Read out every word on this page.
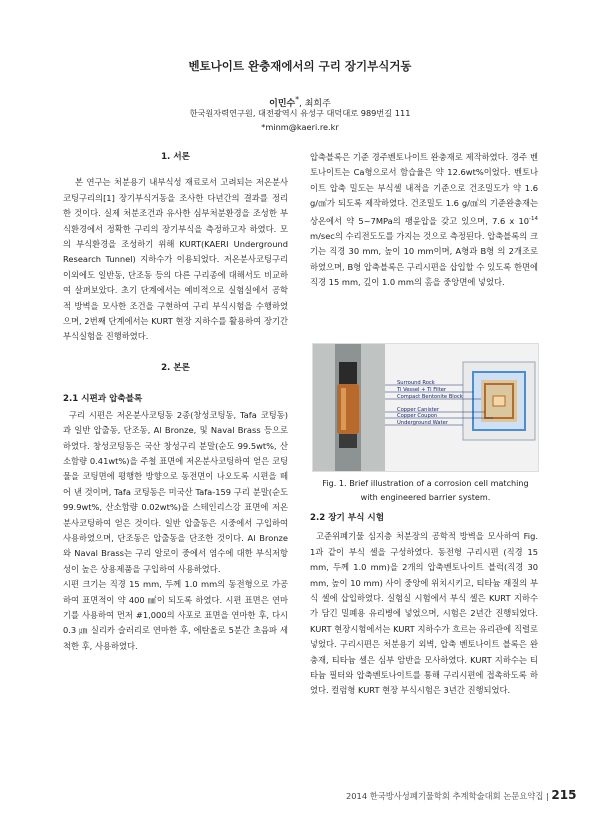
벤토나이트 완충재에서의 구리 장기부식거동
이민수*, 최희주
한국원자력연구원, 대전광역시 유성구 대덕대로 989번길 111
*minm@kaeri.re.kr

1. 서론

본 연구는 처분용기 내부식성 재료로서 고려되는 저온분사코팅구리의[1] 장기부식거동을 조사한 다년간의 결과를 정리한 것이다. 실제 처분조건과 유사한 심부처분환경을 조성한 부식환경에서 정확한 구리의 장기부식을 측정하고자 하였다. 모의 부식환경을 조성하기 위해 KURT(KAERI Underground Research Tunnel) 지하수가 이용되었다. 저온분사코팅구리 이외에도 일반동, 단조동 등의 다른 구리종에 대해서도 비교하여 살펴보았다. 초기 단계에서는 예비적으로 실험실에서 공학적 방벽을 모사한 조건을 구현하여 구리 부식시험을 수행하였으며, 2번째 단계에서는 KURT 현장 지하수를 활용하여 장기간 부식실험을 진행하였다.

2. 본론

2.1 시편과 압축블록

구리 시편은 저온분사코팅동 2종(창성코팅동, Tafa 코팅동)과 일반 압출동, 단조동, Al Bronze, 및 Naval Brass 등으로 하였다. 창성코팅동은 국산 창성구리 분말(순도 99.5wt%, 산소함량 0.41wt%)을 주철 표면에 저온분사코팅하여 얻은 코팅물을 코팅면에 평행한 방향으로 동전면이 나오도록 시편을 떼어 낸 것이며, Tafa 코팅동은 미국산 Tafa-159 구리 분말(순도 99.9wt%, 산소함량 0.02wt%)을 스테인리스강 표면에 저온분사코팅하여 얻은 것이다. 일반 압출동은 시중에서 구입하여 사용하였으며, 단조동은 압출동을 단조한 것이다. Al Bronze와 Naval Brass는 구리 알로이 중에서 염수에 대한 부식저항성이 높은 상용제품을 구입하여 사용하였다.

시편 크기는 직경 15 mm, 두께 1.0 mm의 동전형으로 가공하여 표면적이 약 400 ㎟이 되도록 하였다. 시편 표면은 연마기를 사용하여 먼저 #1,000의 사포로 표면을 연마한 후, 다시 0.3 ㎛ 실리카 슬러리로 연마한 후, 에탄올로 5분간 초음파 세척한 후, 사용하였다.

압축블록은 기준 경주벤토나이트 완충재로 제작하였다. 경주 벤토나이트는 Ca형으로서 함습율은 약 12.6wt%이었다. 벤토나이트 압축 밀도는 부식셀 내적을 기준으로 건조밀도가 약 1.6 g/㎤가 되도록 제작하였다. 건조밀도 1.6 g/㎤의 기준완충재는 상온에서 약 5~7MPa의 팽윤압을 갖고 있으며, 7.6 x $10^{-14}$ m/sec의 수리전도도를 가지는 것으로 측정된다. 압축블록의 크기는 직경 30 mm, 높이 10 mm이며, A형과 B형 의 2개조로 하였으며, B형 압축블록은 구리시편을 삽입할 수 있도록 한면에 직경 15 mm, 깊이 1.0 mm의 홈을 중앙면에 넣었다.

Surround Rock
Ti Vessel + Ti Filter
Compact Bentonite Block
Copper Canister
Copper Coupon
Underground Water
Fig. 1. Brief illustration of a corrosion cell matching with engineered barrier system.

2.2 장기 부식 시험

고준위폐기물 심지층 처분장의 공학적 방벽을 모사하여 Fig. 1과 같이 부식 셀을 구성하였다. 동전형 구리시편 (직경 15 mm, 두께 1.0 mm)을 2개의 압축벤토나이트 블럭(직경 30 mm, 높이 10 mm) 사이 중앙에 위치시키고, 티타늄 재질의 부식 셀에 삽입하였다. 실험실 시험에서 부식 셀은 KURT 지하수가 담긴 밀폐용 유리병에 넣었으며, 시험은 2년간 진행되었다. KURT 현장시험에서는 KURT 지하수가 흐르는 유리관에 직렬로 넣었다. 구리시편은 처분용기 외벽, 압축 벤토나이트 블록은 완충재, 티타늄 셀은 심부 암반을 모사하였다. KURT 지하수는 티타늄 필터와 압축벤토나이트를 통해 구리시편에 접촉하도록 하였다. 컬럼형 KURT 현장 부식시험은 3년간 진행되었다.

2014 한국방사성폐기물학회 추계학술대회 논문요약집 | 215
